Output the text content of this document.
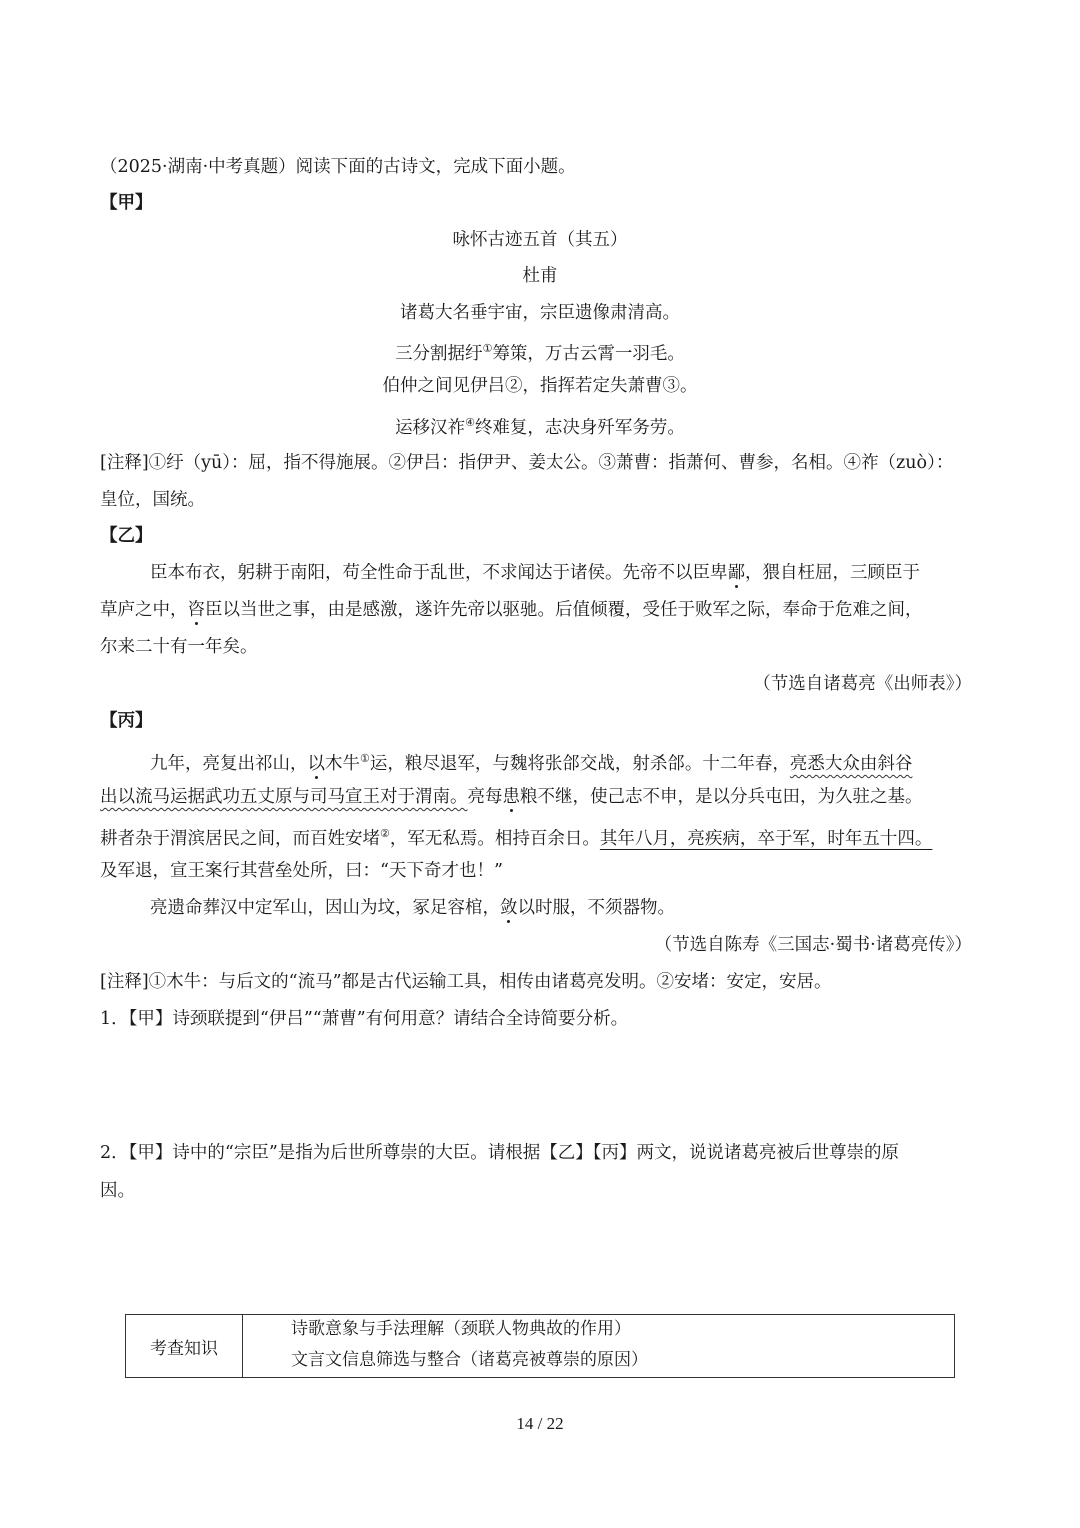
（2025·湖南·中考真题）阅读下面的古诗文，完成下面小题。
【甲】
咏怀古迹五首（其五）
杜甫
诸葛大名垂宇宙，宗臣遗像肃清高。
三分割据纡①筹策，万古云霄一羽毛。
伯仲之间见伊吕②，指挥若定失萧曹③。
运移汉祚④终难复，志决身歼军务劳。
[注释]①纡（yū）：屈，指不得施展。②伊吕：指伊尹、姜太公。③萧曹：指萧何、曹参，名相。④祚（zuò）：
皇位，国统。
【乙】
臣本布衣，躬耕于南阳，苟全性命于乱世，不求闻达于诸侯。先帝不以臣卑鄙，猥自枉屈，三顾臣于
草庐之中，咨臣以当世之事，由是感激，遂许先帝以驱驰。后值倾覆，受任于败军之际，奉命于危难之间，
尔来二十有一年矣。
（节选自诸葛亮《出师表》）
【丙】
九年，亮复出祁山，以木牛①运，粮尽退军，与魏将张郃交战，射杀郃。十二年春，亮悉大众由斜谷
出以流马运据武功五丈原与司马宣王对于渭南。亮每患粮不继，使己志不申，是以分兵屯田，为久驻之基。
耕者杂于渭滨居民之间，而百姓安堵②，军无私焉。相持百余日。其年八月，亮疾病，卒于军，时年五十四。
及军退，宣王案行其营垒处所，曰：“天下奇才也！”
亮遗命葬汉中定军山，因山为坟，冢足容棺，敛以时服，不须器物。
（节选自陈寿《三国志·蜀书·诸葛亮传》）
[注释]①木牛：与后文的“流马”都是古代运输工具，相传由诸葛亮发明。②安堵：安定，安居。
1．【甲】诗颈联提到“伊吕”“萧曹”有何用意？请结合全诗简要分析。
2．【甲】诗中的“宗臣”是指为后世所尊崇的大臣。请根据【乙】【丙】两文，说说诸葛亮被后世尊崇的原
因。
考查知识
诗歌意象与手法理解（颈联人物典故的作用）
文言文信息筛选与整合（诸葛亮被尊崇的原因）
14 / 22
